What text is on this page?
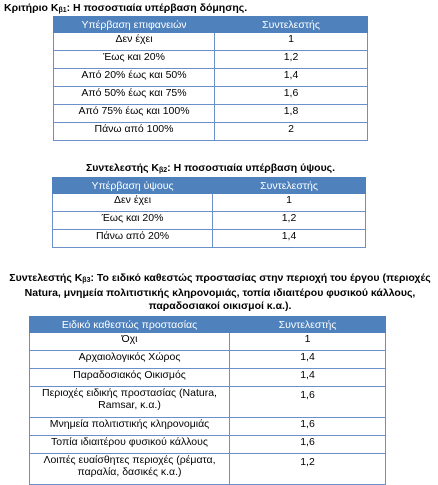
Κριτήριο Κβ1: Η ποσοστιαία υπέρβαση δόμησης.
Υπέρβαση επιφανειών	Συντελεστής
Δεν έχει	1
Έως και 20%	1,2
Από 20% έως και 50%	1,4
Από 50% έως και 75%	1,6
Από 75% έως και 100%	1,8
Πάνω από 100%	2
Συντελεστής Κβ2: Η ποσοστιαία υπέρβαση ύψους.
Υπέρβαση ύψους	Συντελεστής
Δεν έχει	1
Έως και 20%	1,2
Πάνω από 20%	1,4
Συντελεστής Κβ3: Το ειδικό καθεστώς προστασίας στην περιοχή του έργου (περιοχές Natura, μνημεία πολιτιστικής κληρονομιάς, τοπία ιδιαιτέρου φυσικού κάλλους, παραδοσιακοί οικισμοί κ.α.).
Ειδικό καθεστώς προστασίας	Συντελεστής
Όχι	1
Αρχαιολογικός Χώρος	1,4
Παραδοσιακός Οικισμός	1,4
Περιοχές ειδικής προστασίας (Natura, Ramsar, κ.α.)	1,6
Μνημεία πολιτιστικής κληρονομιάς	1,6
Τοπία ιδιαιτέρου φυσικού κάλλους	1,6
Λοιπές ευαίσθητες περιοχές (ρέματα, παραλία, δασικές κ.α.)	1,2
